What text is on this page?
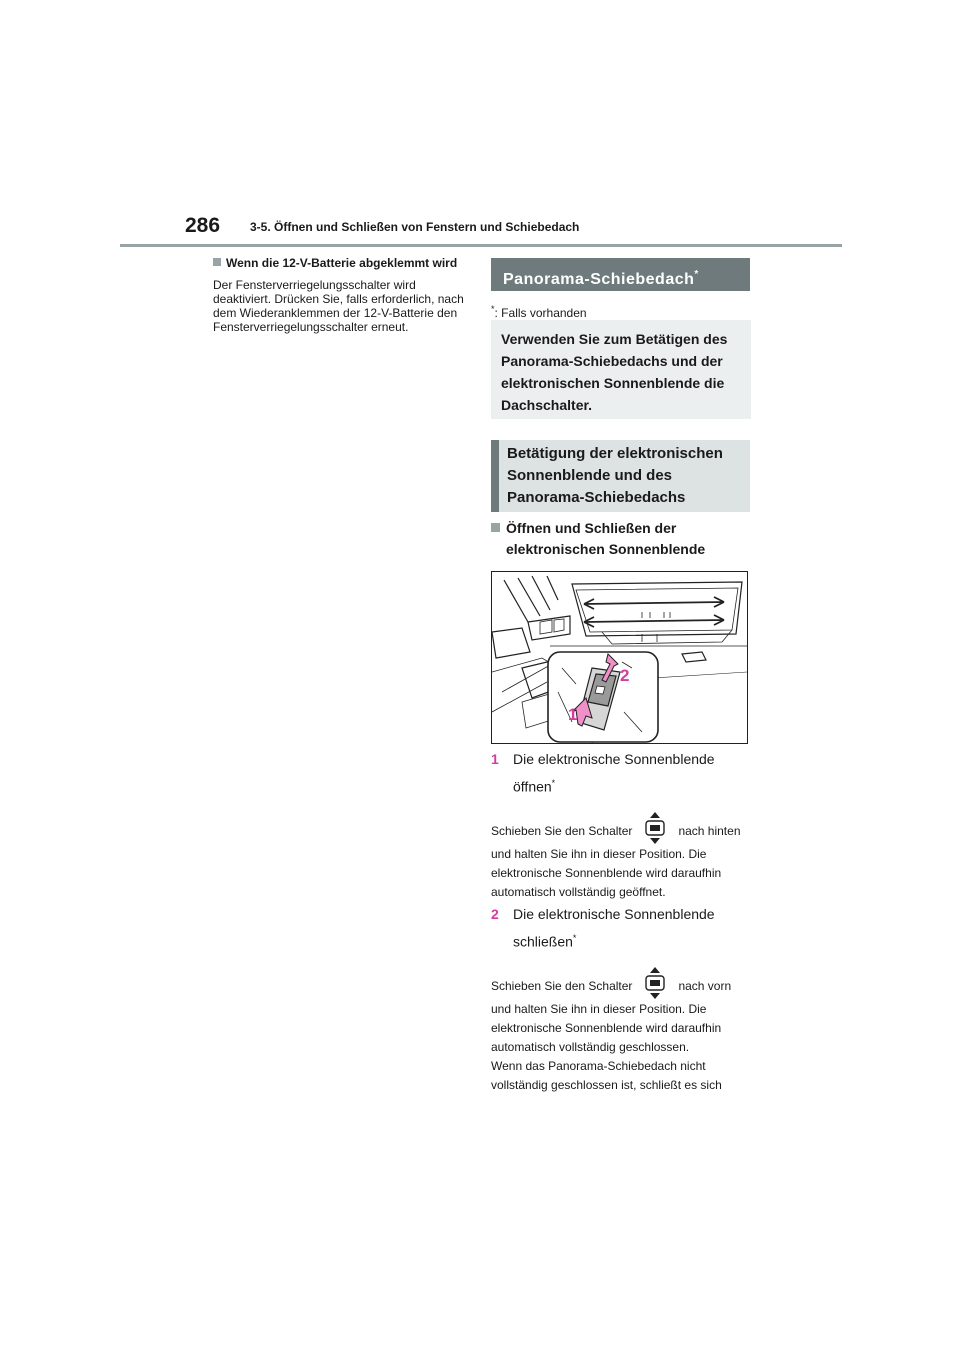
286 3-5. Öffnen und Schließen von Fenstern und Schiebedach

Wenn die 12-V-Batterie abgeklemmt wird

Der Fensterverriegelungsschalter wird deaktiviert. Drücken Sie, falls erforderlich, nach dem Wiederanklemmen der 12-V-Batterie den Fensterverriegelungsschalter erneut.

Panorama-Schiebedach*
*: Falls vorhanden
Verwenden Sie zum Betätigen des Panorama-Schiebedachs und der elektronischen Sonnenblende die Dachschalter.
Betätigung der elektronischen Sonnenblende und des Panorama-Schiebedachs
Öffnen und Schließen der elektronischen Sonnenblende
2
1
1 Die elektronische Sonnenblende öffnen*
Schieben Sie den Schalter	nach hinten und halten Sie ihn in dieser Position. Die elektronische Sonnenblende wird daraufhin automatisch vollständig geöffnet.
2 Die elektronische Sonnenblende schließen*
Schieben Sie den Schalter	nach vorn und halten Sie ihn in dieser Position. Die elektronische Sonnenblende wird daraufhin automatisch vollständig geschlossen.
Wenn das Panorama-Schiebedach nicht vollständig geschlossen ist, schließt es sich
